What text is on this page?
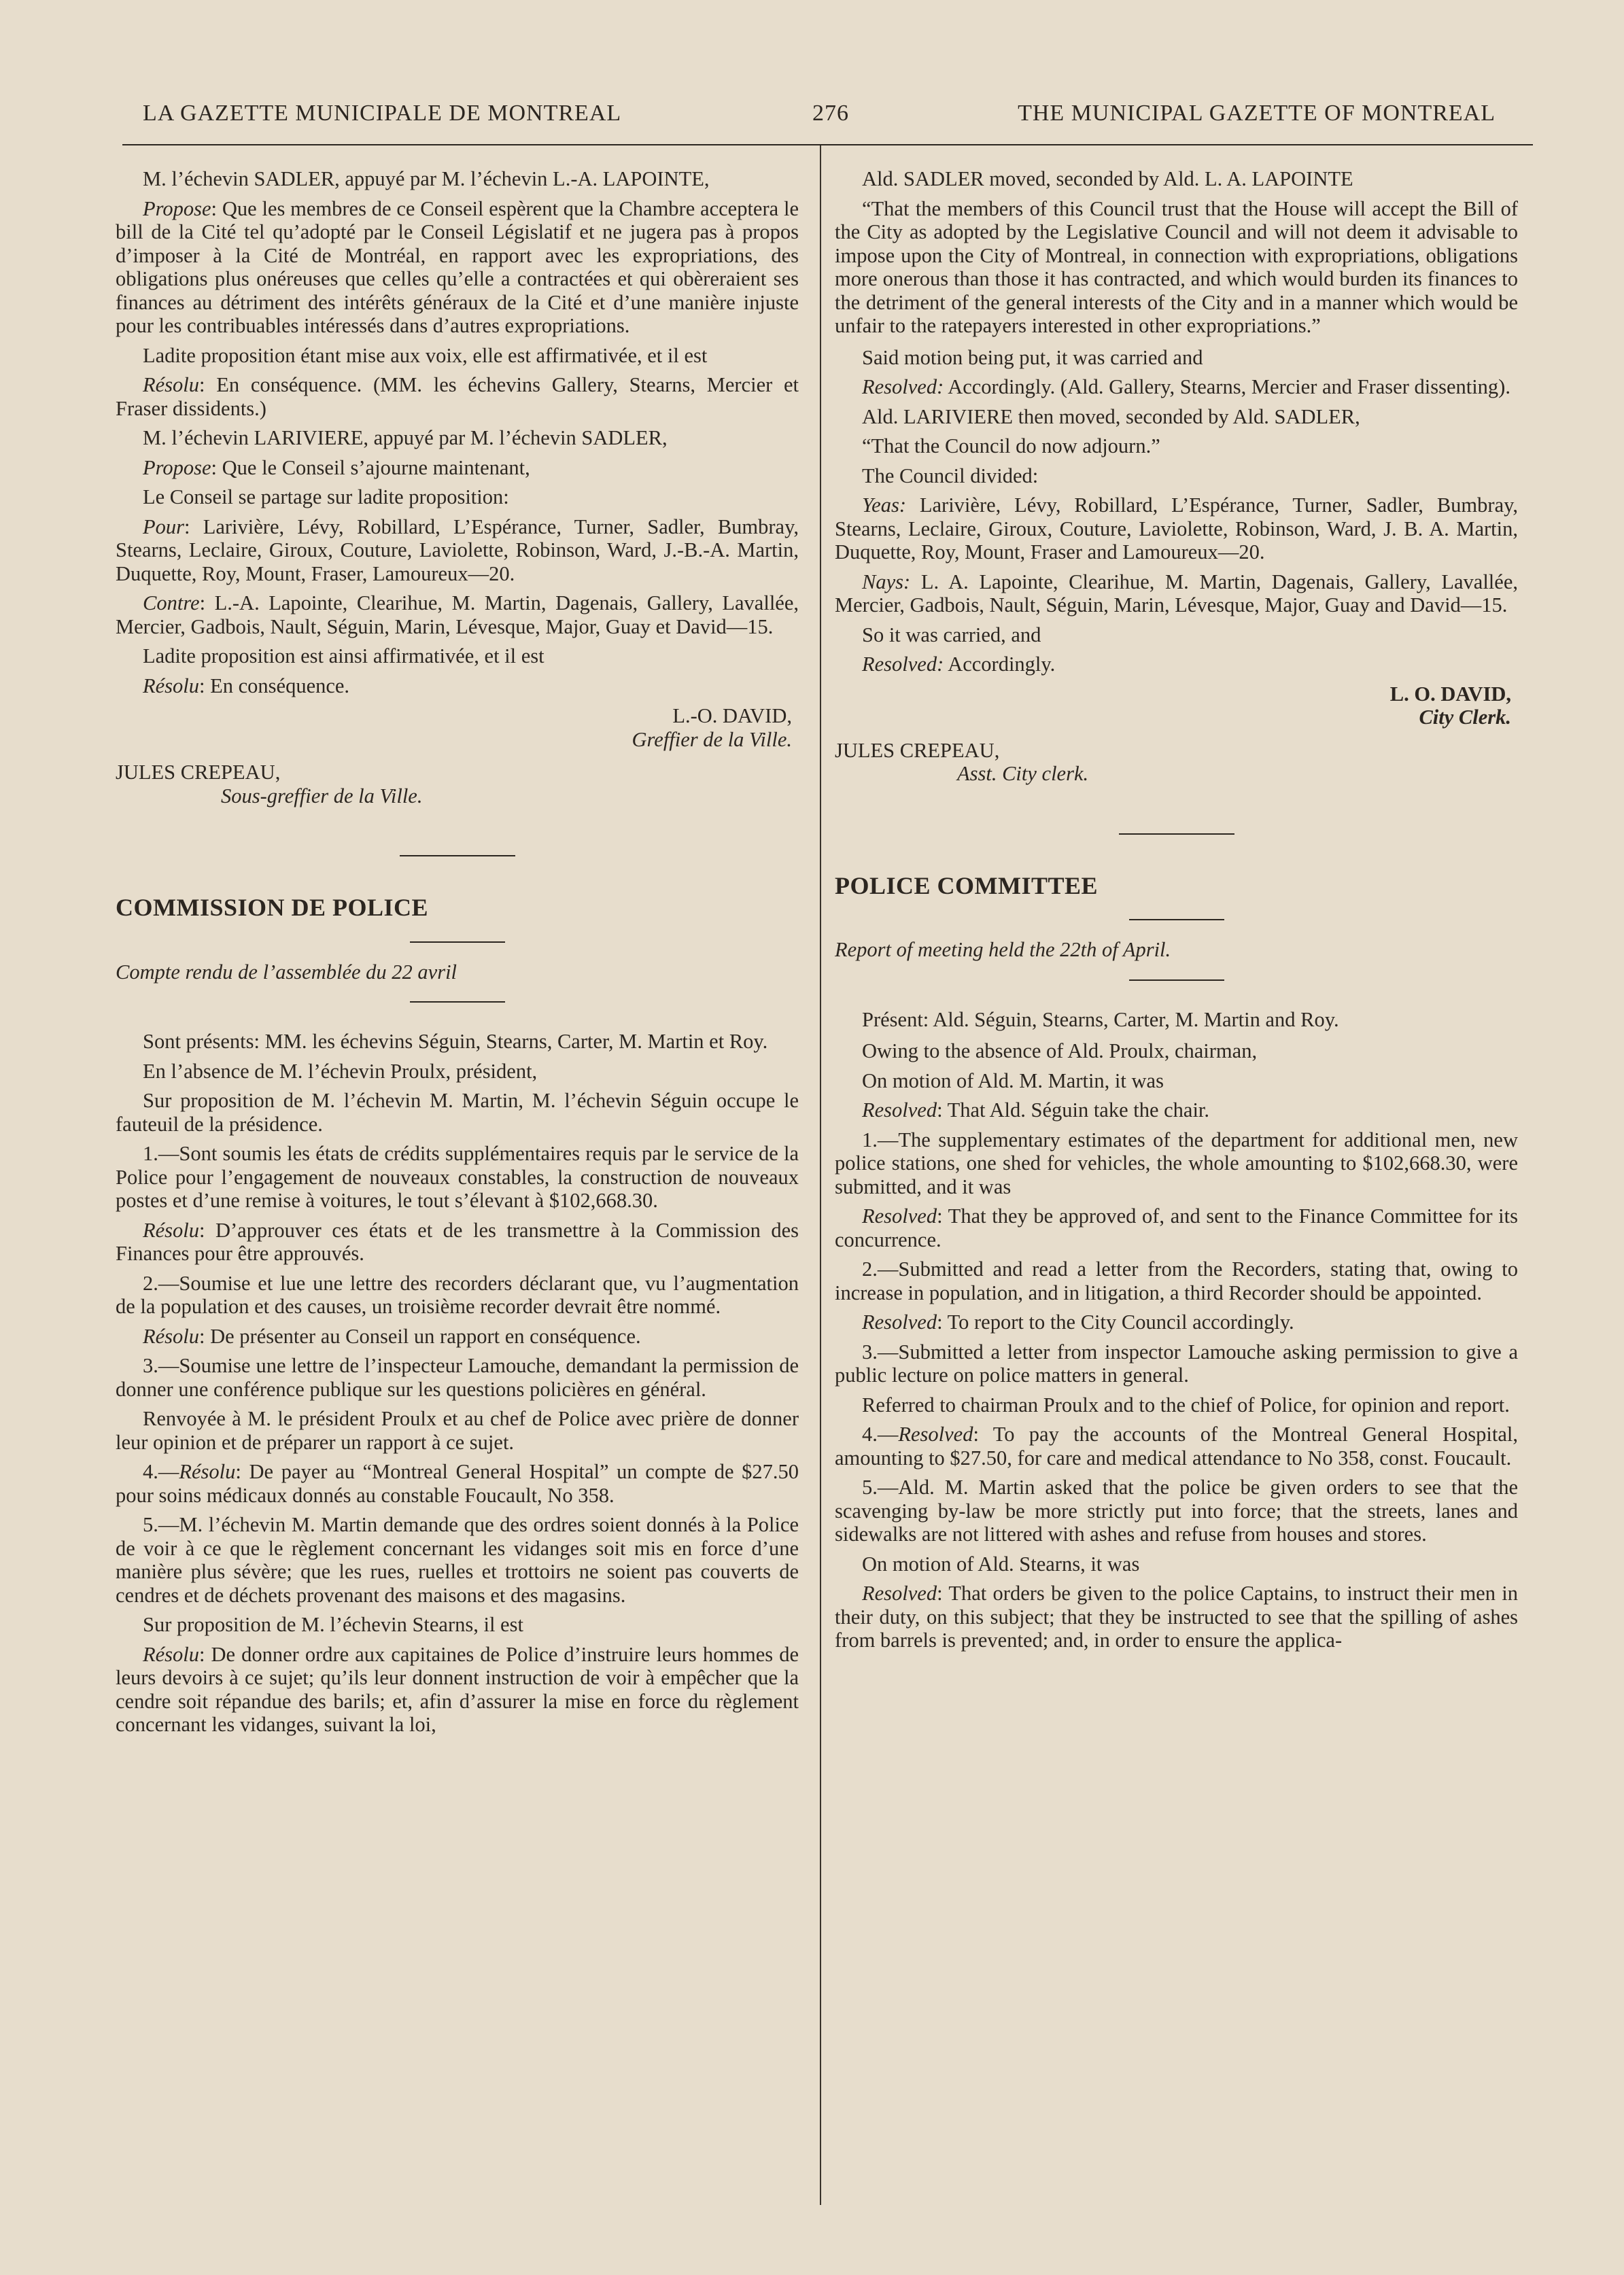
LA GAZETTE MUNICIPALE DE MONTREAL	276	THE MUNICIPAL GAZETTE OF MONTREAL

M. l’échevin SADLER, appuyé par M. l’échevin L.-A. LAPOINTE,

Propose: Que les membres de ce Conseil espèrent que la Chambre acceptera le bill de la Cité tel qu’adopté par le Conseil Législatif et ne jugera pas à propos d’imposer à la Cité de Montréal, en rapport avec les expropriations, des obligations plus onéreuses que celles qu’elle a contractées et qui obèreraient ses finances au détriment des intérêts généraux de la Cité et d’une manière injuste pour les contribuables intéressés dans d’autres expropriations.

Ladite proposition étant mise aux voix, elle est affirmativée, et il est

Résolu: En conséquence. (MM. les échevins Gallery, Stearns, Mercier et Fraser dissidents.)

M. l’échevin LARIVIERE, appuyé par M. l’échevin SADLER,

Propose: Que le Conseil s’ajourne maintenant,

Le Conseil se partage sur ladite proposition:

Pour: Larivière, Lévy, Robillard, L’Espérance, Turner, Sadler, Bumbray, Stearns, Leclaire, Giroux, Couture, Laviolette, Robinson, Ward, J.-B.-A. Martin, Duquette, Roy, Mount, Fraser, Lamoureux—20.

Contre: L.-A. Lapointe, Clearihue, M. Martin, Dagenais, Gallery, Lavallée, Mercier, Gadbois, Nault, Séguin, Marin, Lévesque, Major, Guay et David—15.

Ladite proposition est ainsi affirmativée, et il est

Résolu: En conséquence.

L.-O. DAVID,

Greffier de la Ville.

JULES CREPEAU,

Sous-greffier de la Ville.

COMMISSION DE POLICE

Compte rendu de l’assemblée du 22 avril

Sont présents: MM. les échevins Séguin, Stearns, Carter, M. Martin et Roy.

En l’absence de M. l’échevin Proulx, président,

Sur proposition de M. l’échevin M. Martin, M. l’échevin Séguin occupe le fauteuil de la présidence.

1.—Sont soumis les états de crédits supplémentaires requis par le service de la Police pour l’engagement de nouveaux constables, la construction de nouveaux postes et d’une remise à voitures, le tout s’élevant à $102,668.30.

Résolu: D’approuver ces états et de les transmettre à la Commission des Finances pour être approuvés.

2.—Soumise et lue une lettre des recorders déclarant que, vu l’augmentation de la population et des causes, un troisième recorder devrait être nommé.

Résolu: De présenter au Conseil un rapport en conséquence.

3.—Soumise une lettre de l’inspecteur Lamouche, demandant la permission de donner une conférence publique sur les questions policières en général.

Renvoyée à M. le président Proulx et au chef de Police avec prière de donner leur opinion et de préparer un rapport à ce sujet.

4.—Résolu: De payer au “Montreal General Hospital” un compte de $27.50 pour soins médicaux donnés au constable Foucault, No 358.

5.—M. l’échevin M. Martin demande que des ordres soient donnés à la Police de voir à ce que le règlement concernant les vidanges soit mis en force d’une manière plus sévère; que les rues, ruelles et trottoirs ne soient pas couverts de cendres et de déchets provenant des maisons et des magasins.

Sur proposition de M. l’échevin Stearns, il est

Résolu: De donner ordre aux capitaines de Police d’instruire leurs hommes de leurs devoirs à ce sujet; qu’ils leur donnent instruction de voir à empêcher que la cendre soit répandue des barils; et, afin d’assurer la mise en force du règlement concernant les vidanges, suivant la loi,

Ald. SADLER moved, seconded by Ald. L. A. LAPOINTE

“That the members of this Council trust that the House will accept the Bill of the City as adopted by the Legislative Council and will not deem it advisable to impose upon the City of Montreal, in connection with expropriations, obligations more onerous than those it has contracted, and which would burden its finances to the detriment of the general interests of the City and in a manner which would be unfair to the ratepayers interested in other expropriations.”

Said motion being put, it was carried and

Resolved: Accordingly. (Ald. Gallery, Stearns, Mercier and Fraser dissenting).

Ald. LARIVIERE then moved, seconded by Ald. SADLER,

“That the Council do now adjourn.”

The Council divided:

Yeas: Larivière, Lévy, Robillard, L’Espérance, Turner, Sadler, Bumbray, Stearns, Leclaire, Giroux, Couture, Laviolette, Robinson, Ward, J. B. A. Martin, Duquette, Roy, Mount, Fraser and Lamoureux—20.

Nays: L. A. Lapointe, Clearihue, M. Martin, Dagenais, Gallery, Lavallée, Mercier, Gadbois, Nault, Séguin, Marin, Lévesque, Major, Guay and David—15.

So it was carried, and

Resolved: Accordingly.

L. O. DAVID,

City Clerk.

JULES CREPEAU,

Asst. City clerk.

POLICE COMMITTEE

Report of meeting held the 22th of April.

Présent: Ald. Séguin, Stearns, Carter, M. Martin and Roy.

Owing to the absence of Ald. Proulx, chairman,

On motion of Ald. M. Martin, it was

Resolved: That Ald. Séguin take the chair.

1.—The supplementary estimates of the department for additional men, new police stations, one shed for vehicles, the whole amounting to $102,668.30, were submitted, and it was

Resolved: That they be approved of, and sent to the Finance Committee for its concurrence.

2.—Submitted and read a letter from the Recorders, stating that, owing to increase in population, and in litigation, a third Recorder should be appointed.

Resolved: To report to the City Council accordingly.

3.—Submitted a letter from inspector Lamouche asking permission to give a public lecture on police matters in general.

Referred to chairman Proulx and to the chief of Police, for opinion and report.

4.—Resolved: To pay the accounts of the Montreal General Hospital, amounting to $27.50, for care and medical attendance to No 358, const. Foucault.

5.—Ald. M. Martin asked that the police be given orders to see that the scavenging by-law be more strictly put into force; that the streets, lanes and sidewalks are not littered with ashes and refuse from houses and stores.

On motion of Ald. Stearns, it was

Resolved: That orders be given to the police Captains, to instruct their men in their duty, on this subject; that they be instructed to see that the spilling of ashes from barrels is prevented; and, in order to ensure the applica-
